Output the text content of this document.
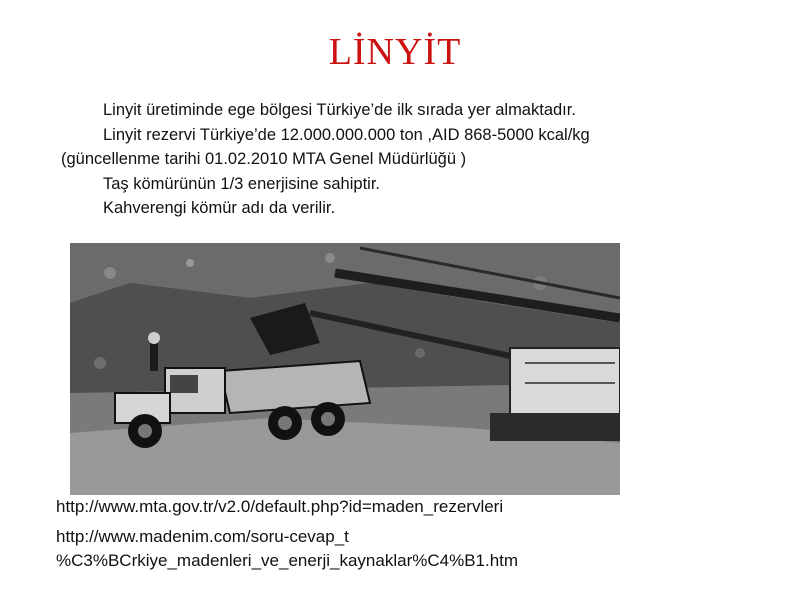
LİNYİT

Linyit üretiminde ege bölgesi Türkiye’de ilk sırada yer almaktadır.

Linyit rezervi Türkiye’de 12.000.000.000 ton ,AID 868-5000 kcal/kg (güncellenme tarihi 01.02.2010 MTA Genel Müdürlüğü )

Taş kömürünün 1/3 enerjisine sahiptir.

Kahverengi kömür adı da verilir.

http://www.mta.gov.tr/v2.0/default.php?id=maden_rezervleri
http://www.madenim.com/soru-cevap_t
%C3%BCrkiye_madenleri_ve_enerji_kaynaklar%C4%B1.htm
